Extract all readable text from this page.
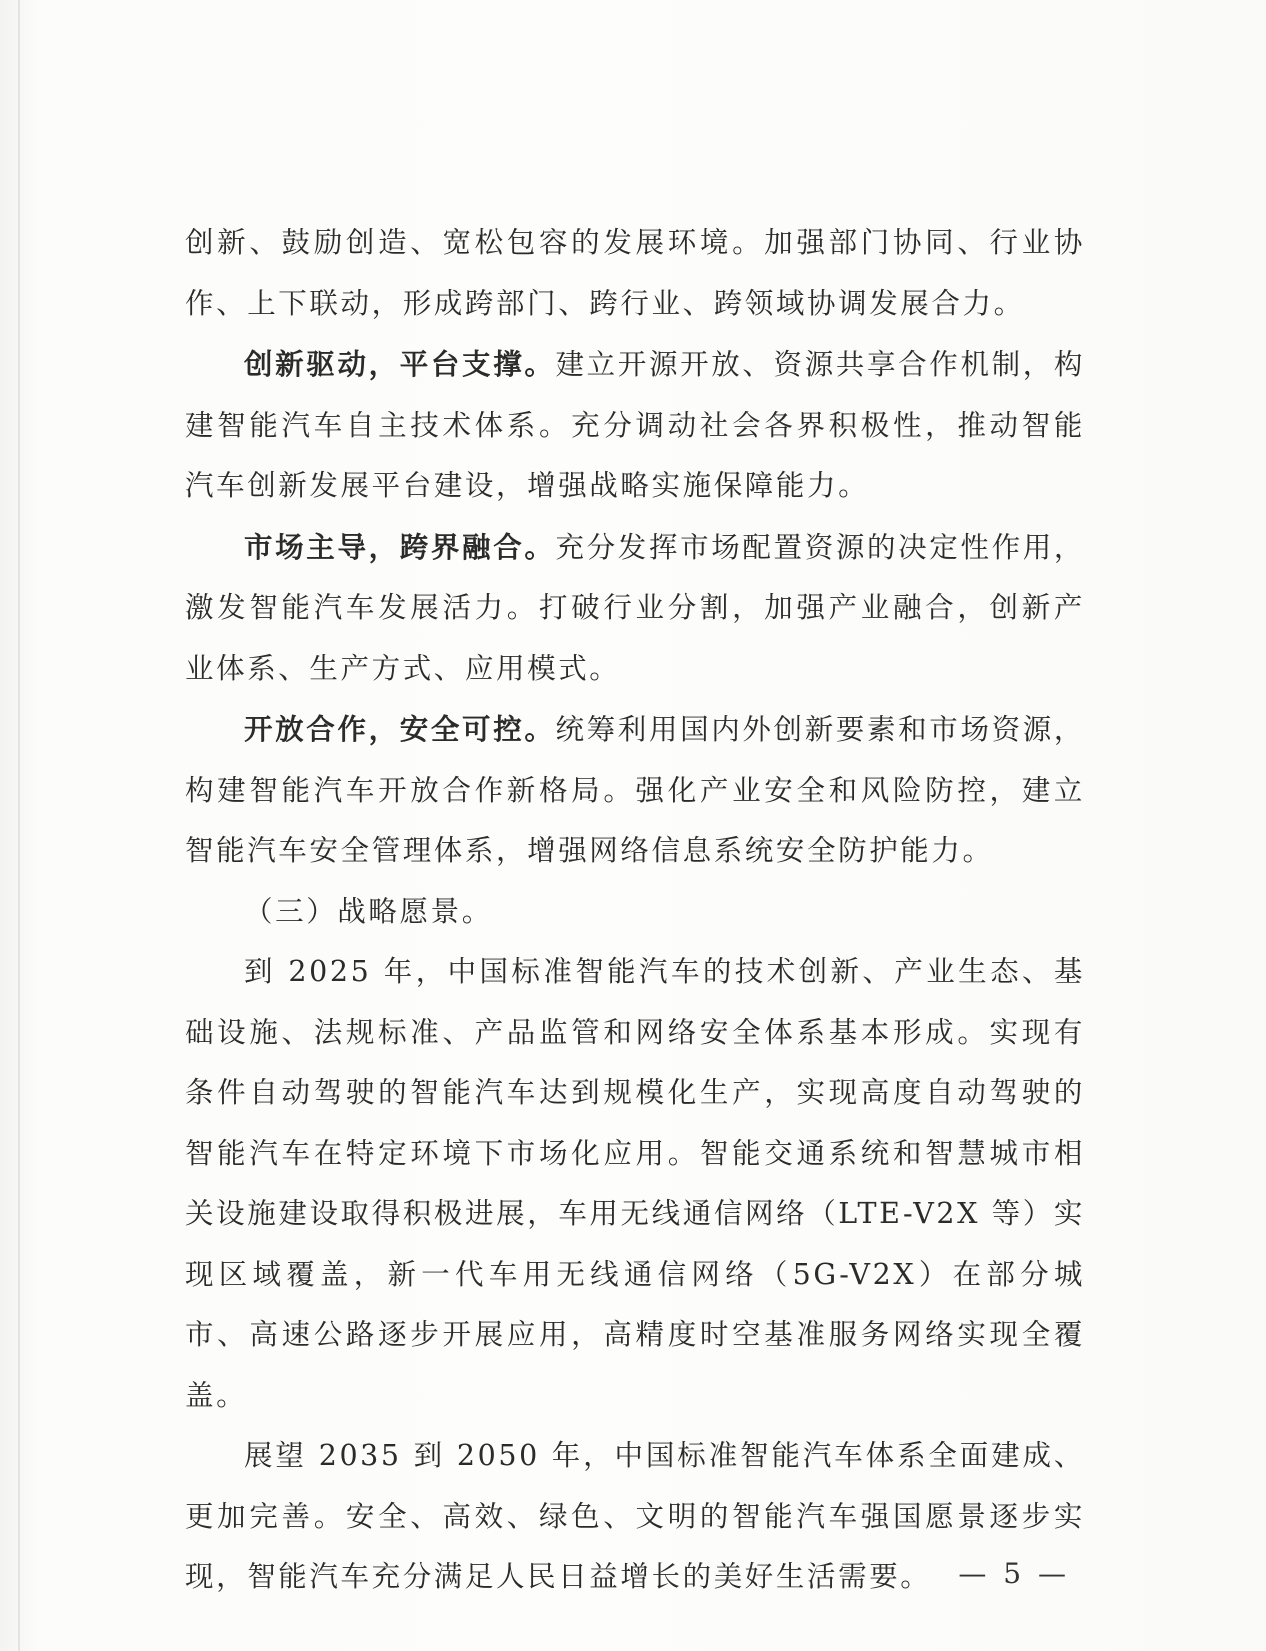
创新、鼓励创造、宽松包容的发展环境。加强部门协同、行业协作、上下联动，形成跨部门、跨行业、跨领域协调发展合力。

创新驱动，平台支撑。建立开源开放、资源共享合作机制，构建智能汽车自主技术体系。充分调动社会各界积极性，推动智能汽车创新发展平台建设，增强战略实施保障能力。

市场主导，跨界融合。充分发挥市场配置资源的决定性作用，激发智能汽车发展活力。打破行业分割，加强产业融合，创新产业体系、生产方式、应用模式。

开放合作，安全可控。统筹利用国内外创新要素和市场资源，构建智能汽车开放合作新格局。强化产业安全和风险防控，建立智能汽车安全管理体系，增强网络信息系统安全防护能力。

（三）战略愿景。

到 2025 年，中国标准智能汽车的技术创新、产业生态、基础设施、法规标准、产品监管和网络安全体系基本形成。实现有条件自动驾驶的智能汽车达到规模化生产，实现高度自动驾驶的智能汽车在特定环境下市场化应用。智能交通系统和智慧城市相关设施建设取得积极进展，车用无线通信网络（LTE-V2X 等）实现区域覆盖，新一代车用无线通信网络（5G-V2X）在部分城市、高速公路逐步开展应用，高精度时空基准服务网络实现全覆盖。

展望 2035 到 2050 年，中国标准智能汽车体系全面建成、更加完善。安全、高效、绿色、文明的智能汽车强国愿景逐步实现，智能汽车充分满足人民日益增长的美好生活需要。 — 5 —
